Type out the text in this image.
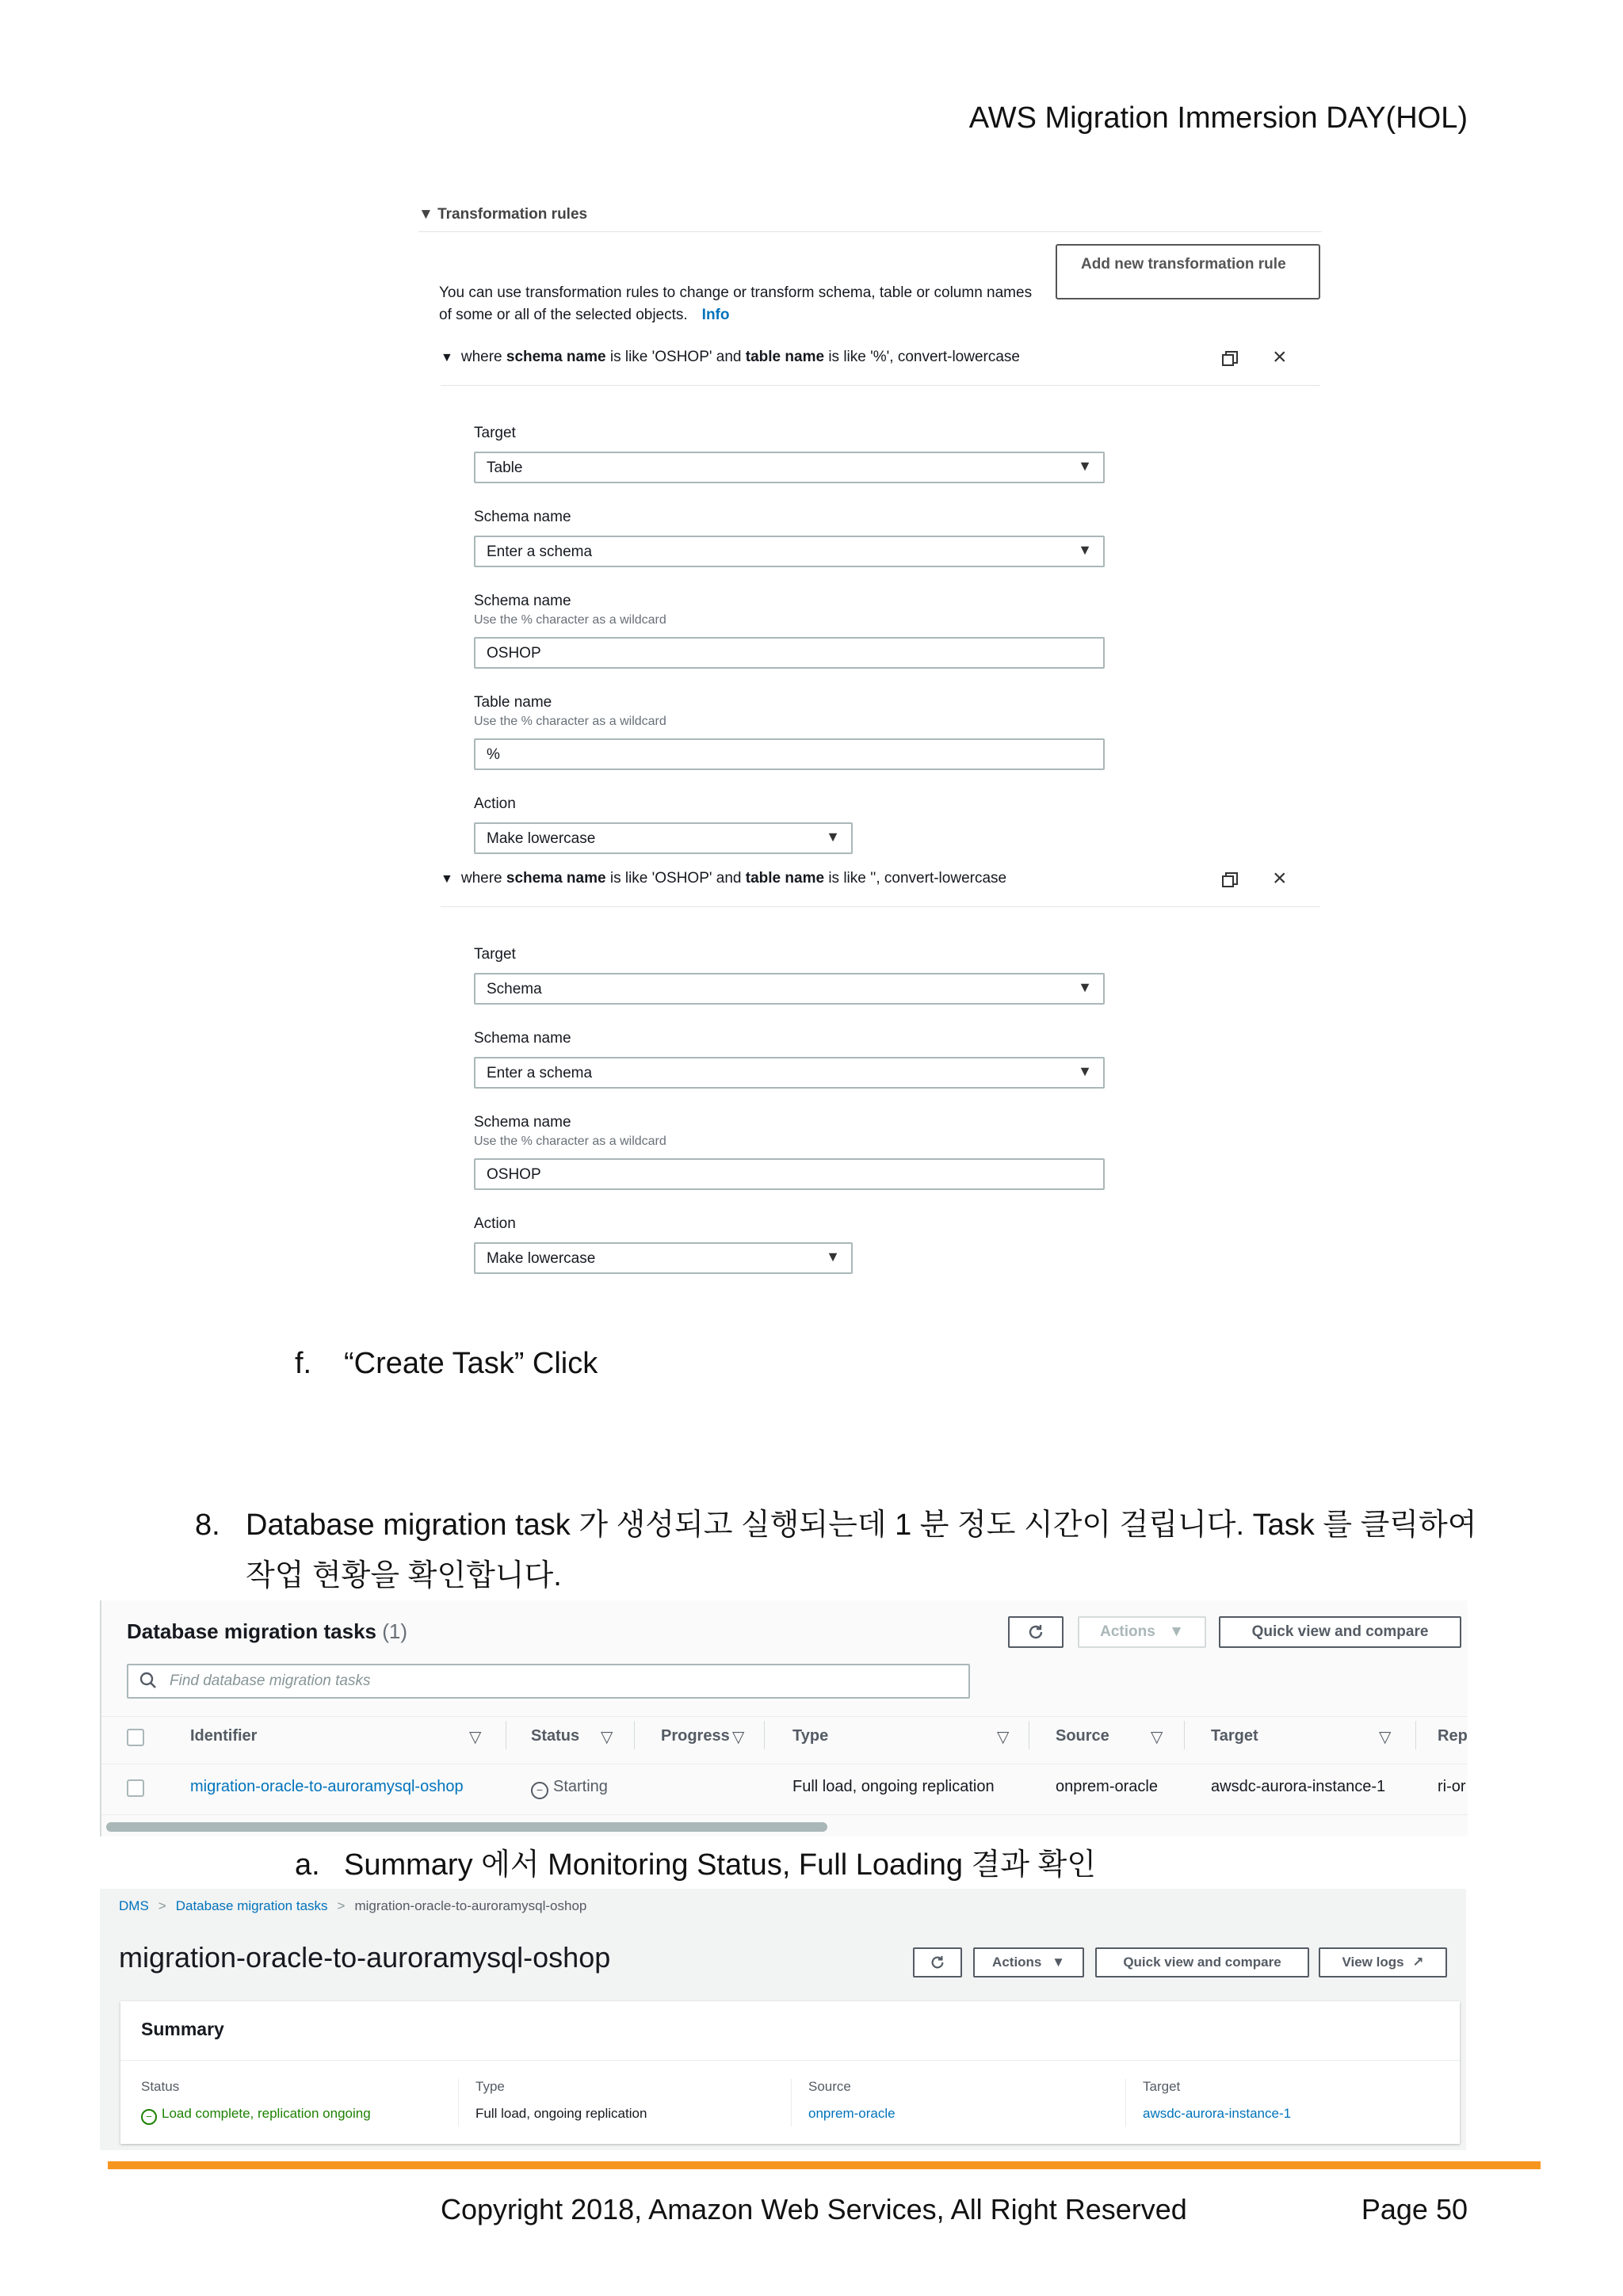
AWS Migration Immersion DAY(HOL)
▼ Transformation rules
Add new transformation rule
You can use transformation rules to change or transform schema, table or column names of some or all of the selected objects. Info
▼ where schema name is like 'OSHOP' and table name is like '%', convert-lowercase	×
Target
Table	▼
Schema name
Enter a schema	▼
Schema name
Use the % character as a wildcard
OSHOP
Table name
Use the % character as a wildcard
%
Action
Make lowercase	▼
▼ where schema name is like 'OSHOP' and table name is like '', convert-lowercase	×
Target
Schema	▼
Schema name
Enter a schema	▼
Schema name
Use the % character as a wildcard
OSHOP
Action
Make lowercase	▼
f. “Create Task” Click
8. Database migration task 가 생성되고 실행되는데 1 분 정도 시간이 걸립니다. Task 를 클릭하여 작업 현황을 확인합니다.
Database migration tasks (1)	Actions ▼	Quick view and compare
Find database migration tasks
Identifier	▽	Status ▽	Progress ▽	Type	▽	Source	▽	Target	▽	Rep
migration-oracle-to-auroramysql-oshop	− Starting	Full load, ongoing replication	onprem-oracle	awsdc-aurora-instance-1	ri-or
a. Summary 에서 Monitoring Status, Full Loading 결과 확인
DMS > Database migration tasks > migration-oracle-to-auroramysql-oshop
migration-oracle-to-auroramysql-oshop	Actions ▼	Quick view and compare	View logs ↗
Summary
Status
− Load complete, replication ongoing
Type
Full load, ongoing replication
Source
onprem-oracle
Target
awsdc-aurora-instance-1
Copyright 2018, Amazon Web Services, All Right Reserved	Page 50
